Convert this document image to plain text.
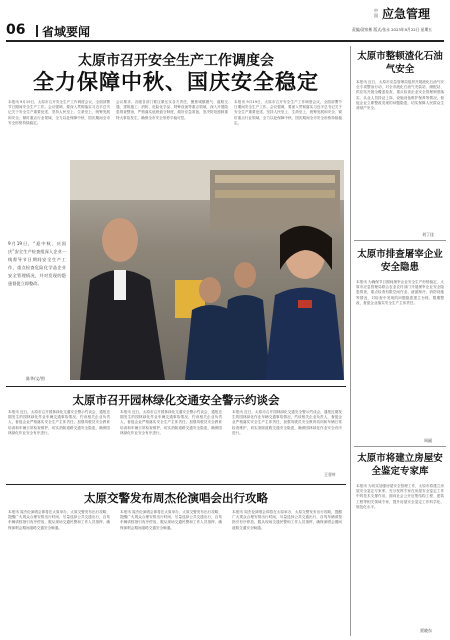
06 省域要闻
中国 应急管理
责编/贺泉彬 版式/张永 2023年9月22日 星期五
太原市召开安全生产工作调度会
全力保障中秋、国庆安全稳定
本报讯 9月19日，太原市召开安全生产工作调度会议，全面部署节日期间安全生产工作。会议强调，要深入贯彻落实习近平总书记关于安全生产重要论述，坚持人民至上、生命至上，统筹发展和安全，紧盯重点行业领域，全力以赴保障中秋、国庆期间全市安全形势持续稳定。
会议要求，各级各部门要压紧压实各方责任，聚焦城镇燃气、道路交通、建筑施工、消防、危险化学品、特种设备等重点领域，深入开展隐患排查整治，严格落实值班值守制度，做好应急准备，坚决防范遏制重特大事故发生，确保全市安全形势平稳可控。
本报讯 9月19日，太原市召开安全生产工作调度会议，全面部署节日期间安全生产工作。会议强调，要深入贯彻落实习近平总书记关于安全生产重要论述，坚持人民至上、生命至上，统筹发展和安全，紧盯重点行业领域，全力以赴保障中秋、国庆期间全市安全形势持续稳定。
9月19日，“迎中秋、庆国庆”安全生产检查组深入企业一线督导节日期间安全生产工作，重点检查危险化学品企业安全管理情况，并对发现的隐患督促立即整改。
陈华/文/图
太原市召开园林绿化交通安全警示约谈会
本报讯 近日，太原市召开园林绿化交通安全警示约谈会，通报近期发生的园林绿化作业车辆交通事故情况，约谈相关企业负责人，督促企业严格落实安全生产主体责任，加强驾驶员安全教育培训和车辆日常检查维护，切实消除道路交通安全隐患，确保园林绿化作业安全有序进行。
本报讯 近日，太原市召开园林绿化交通安全警示约谈会，通报近期发生的园林绿化作业车辆交通事故情况，约谈相关企业负责人，督促企业严格落实安全生产主体责任，加强驾驶员安全教育培训和车辆日常检查维护，切实消除道路交通安全隐患，确保园林绿化作业安全有序进行。
本报讯 近日，太原市召开园林绿化交通安全警示约谈会，通报近期发生的园林绿化作业车辆交通事故情况，约谈相关企业负责人，督促企业严格落实安全生产主体责任，加强驾驶员安全教育培训和车辆日常检查维护，切实消除道路交通安全隐患，确保园林绿化作业安全有序进行。
王晋叶
太原交警发布周杰伦演唱会出行攻略
本报讯 周杰伦演唱会即将在太原举办，太原交警发布出行攻略，提醒广大观众合理安排出行时间，尽量选择公共交通出行，自驾车辆请按指引有序停放，服从现场交通民警和工作人员指挥，确保演唱会期间道路交通安全畅通。
本报讯 周杰伦演唱会即将在太原举办，太原交警发布出行攻略，提醒广大观众合理安排出行时间，尽量选择公共交通出行，自驾车辆请按指引有序停放，服从现场交通民警和工作人员指挥，确保演唱会期间道路交通安全畅通。
本报讯 周杰伦演唱会即将在太原举办，太原交警发布出行攻略，提醒广大观众合理安排出行时间，尽量选择公共交通出行，自驾车辆请按指引有序停放，服从现场交通民警和工作人员指挥，确保演唱会期间道路交通安全畅通。
太原市整顿渣化石油气安全
本报讯 近日，太原市应急管理局组织开展液化石油气安全专项整治行动，对全市液化石油气充装站、储配站、供应站开展全覆盖检查，重点检查企业安全管理制度落实、从业人员持证上岗、设施设备维护保养等情况，督促企业立即整改发现的问题隐患，切实保障人民群众生命财产安全。
刘丁佳
太原市排查屠宰企业安全隐患
本报讯 为确保节日期间屠宰企业安全生产形势稳定，太原市应急管理局联合农业农村部门开展屠宰企业安全隐患排查，重点检查有限空间作业、液氨制冷、消防设施等情况，对检查中发现的问题隐患建立台账、限期整改，督促企业落实安全生产主体责任。
周副
太原市将建立房屋安全鉴定专家库
本报讯 为切实加强房屋安全管理工作，太原市将建立房屋安全鉴定专家库，充分发挥专家在房屋安全鉴定工作中的技术支撑作用，面向社会公开征集结构工程、建筑工程等相关领域专家，提升房屋安全鉴定工作科学化、规范化水平。
贾晓东
